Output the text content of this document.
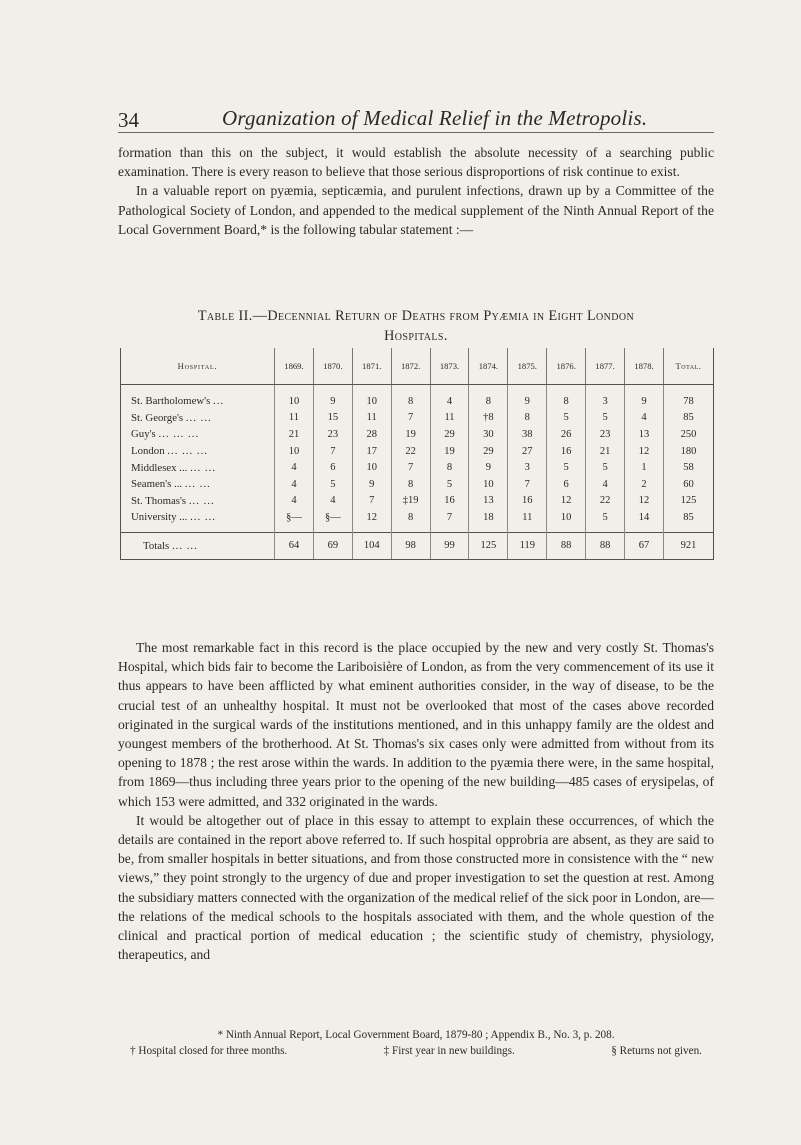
34	Organization of Medical Relief in the Metropolis.

formation than this on the subject, it would establish the absolute necessity of a searching public examination. There is every reason to believe that those serious disproportions of risk continue to exist.

In a valuable report on pyæmia, septicæmia, and purulent infections, drawn up by a Committee of the Pathological Society of London, and appended to the medical supplement of the Ninth Annual Report of the Local Government Board,* is the following tabular statement :—

Table II.—Decennial Return of Deaths from Pyæmia in Eight London
Hospitals.
Hospital.	1869.	1870.	1871.	1872.	1873.	1874.	1875.	1876.	1877.	1878.	Total.
St. Bartholomew's ...	10	9	10	8	4	8	9	8	3	9	78
St. George's ... ...	11	15	11	7	11	†8	8	5	5	4	85
Guy's ... ... ...	21	23	28	19	29	30	38	26	23	13	250
London ... ... ...	10	7	17	22	19	29	27	16	21	12	180
Middlesex ... ... ...	4	6	10	7	8	9	3	5	5	1	58
Seamen's ... ... ...	4	5	9	8	5	10	7	6	4	2	60
St. Thomas's ... ...	4	4	7	‡19	16	13	16	12	22	12	125
University ... ... ...	§—	§—	12	8	7	18	11	10	5	14	85
Totals ... ...	64	69	104	98	99	125	119	88	88	67	921

The most remarkable fact in this record is the place occupied by the new and very costly St. Thomas's Hospital, which bids fair to become the Lariboisière of London, as from the very commencement of its use it thus appears to have been afflicted by what eminent authorities consider, in the way of disease, to be the crucial test of an unhealthy hospital. It must not be overlooked that most of the cases above recorded originated in the surgical wards of the institutions mentioned, and in this unhappy family are the oldest and youngest members of the brotherhood. At St. Thomas's six cases only were admitted from without from its opening to 1878 ; the rest arose within the wards. In addition to the pyæmia there were, in the same hospital, from 1869—thus including three years prior to the opening of the new building—485 cases of erysipelas, of which 153 were admitted, and 332 originated in the wards.

It would be altogether out of place in this essay to attempt to explain these occurrences, of which the details are contained in the report above referred to. If such hospital opprobria are absent, as they are said to be, from smaller hospitals in better situations, and from those constructed more in consistence with the “ new views,” they point strongly to the urgency of due and proper investigation to set the question at rest. Among the subsidiary matters connected with the organization of the medical relief of the sick poor in London, are—the relations of the medical schools to the hospitals associated with them, and the whole question of the clinical and practical portion of medical education ; the scientific study of chemistry, physiology, therapeutics, and

* Ninth Annual Report, Local Government Board, 1879-80 ; Appendix B., No. 3, p. 208.
† Hospital closed for three months.	‡ First year in new buildings.	§ Returns not given.
